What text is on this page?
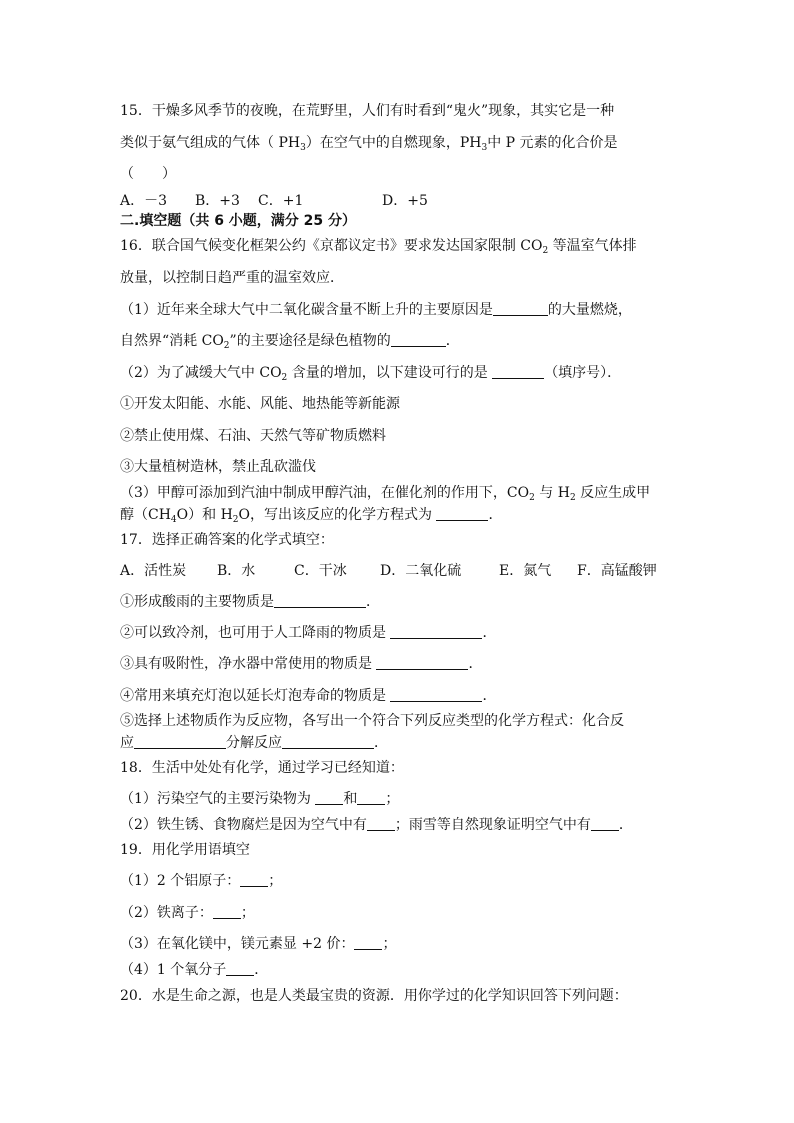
15．干燥多风季节的夜晚，在荒野里，人们有时看到“鬼火”现象，其实它是一种
类似于氨气组成的气体（ $PH_3$）在空气中的自燃现象，$PH_3$中 P 元素的化合价是
（　　）
A．－3 B．+3 C．+1	D．+5
二.填空题（共 6 小题，满分 25 分）
16．联合国气候变化框架公约《京都议定书》要求发达国家限制 $CO_2$ 等温室气体排
放量，以控制日趋严重的温室效应．
（1）近年来全球大气中二氧化碳含量不断上升的主要原因是	的大量燃烧，
自然界“消耗 $CO_2$”的主要途径是绿色植物的	．
（2）为了减缓大气中 $CO_2$ 含量的增加，以下建设可行的是	（填序号）．
①开发太阳能、水能、风能、地热能等新能源
②禁止使用煤、石油、天然气等矿物质燃料
③大量植树造林，禁止乱砍滥伐
（3）甲醇可添加到汽油中制成甲醇汽油，在催化剂的作用下，$CO_2$ 与 $H_2$ 反应生成甲
醇$(CH_4O)$和 $H_2O$，写出该反应的化学方程式为	．
17．选择正确答案的化学式填空：
A．活性炭 B．水	C．干冰 D．二氧化硫	E．氮气 F．高锰酸钾
①形成酸雨的主要物质是	．
②可以致冷剂，也可用于人工降雨的物质是	．
③具有吸附性，净水器中常使用的物质是	．
④常用来填充灯泡以延长灯泡寿命的物质是	．
⑤选择上述物质作为反应物，各写出一个符合下列反应类型的化学方程式：化合反
应	分解反应	．
18．生活中处处有化学，通过学习已经知道：
（1）污染空气的主要污染物为 和 ；
（2）铁生锈、食物腐烂是因为空气中有 ；雨雪等自然现象证明空气中有 ．
19．用化学用语填空
（1）2 个铝原子： ；
（2）铁离子： ；
（3）在氧化镁中，镁元素显 +2 价： ；
（4）1 个氧分子 ．
20．水是生命之源，也是人类最宝贵的资源．用你学过的化学知识回答下列问题：
